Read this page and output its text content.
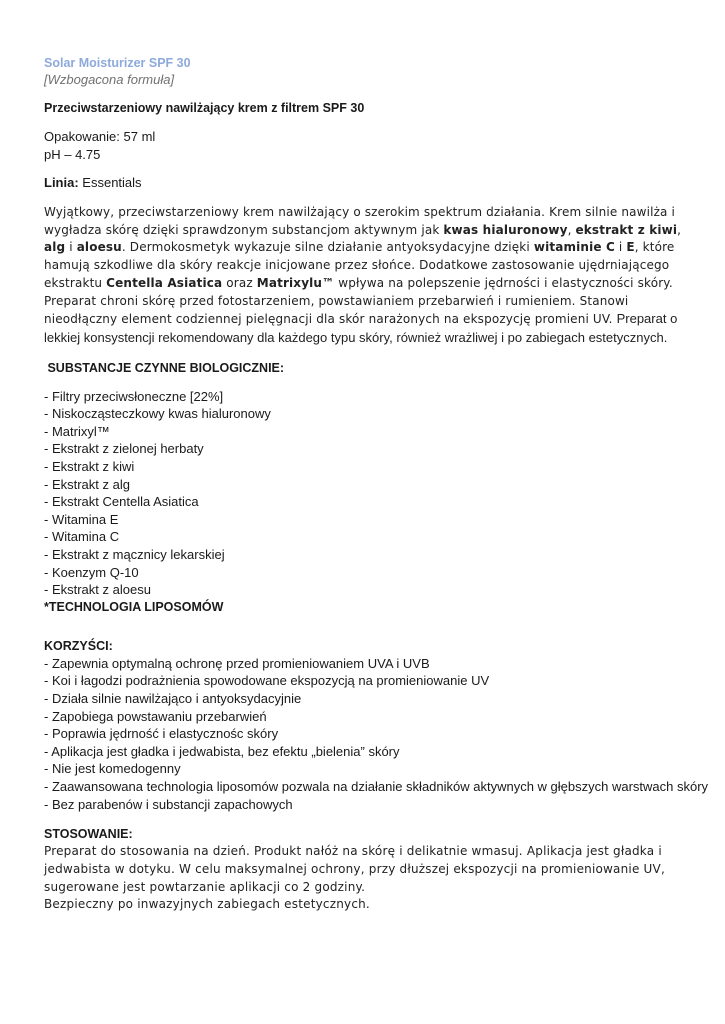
Solar Moisturizer SPF 30
[Wzbogacona formuła]
Przeciwstarzeniowy nawilżający krem z filtrem SPF 30
Opakowanie: 57 ml
pH – 4.75
Linia: Essentials
Wyjątkowy, przeciwstarzeniowy krem nawilżający o szerokim spektrum działania. Krem silnie nawilża i wygładza skórę dzięki sprawdzonym substancjom aktywnym jak kwas hialuronowy, ekstrakt z kiwi, alg i aloesu. Dermokosmetyk wykazuje silne działanie antyoksydacyjne dzięki witaminie C i E, które hamują szkodliwe dla skóry reakcje inicjowane przez słońce. Dodatkowe zastosowanie ujędrniającego ekstraktu Centella Asiatica oraz Matrixylu™ wpływa na polepszenie jędrności i elastyczności skóry. Preparat chroni skórę przed fotostarzeniem, powstawianiem przebarwień i rumieniem. Stanowi nieodłączny element codziennej pielęgnacji dla skór narażonych na ekspozycję promieni UV. Preparat o lekkiej konsystencji rekomendowany dla każdego typu skóry, również wrażliwej i po zabiegach estetycznych.
SUBSTANCJE CZYNNE BIOLOGICZNIE:
- Filtry przeciwsłoneczne [22%]
- Niskocząsteczkowy kwas hialuronowy
- Matrixyl™
- Ekstrakt z zielonej herbaty
- Ekstrakt z kiwi
- Ekstrakt z alg
- Ekstrakt Centella Asiatica
- Witamina E
- Witamina C
- Ekstrakt z mącznicy lekarskiej
- Koenzym Q-10
- Ekstrakt z aloesu
*TECHNOLOGIA LIPOSOMÓW
KORZYŚCI:
- Zapewnia optymalną ochronę przed promieniowaniem UVA i UVB
- Koi i łagodzi podrażnienia spowodowane ekspozycją na promieniowanie UV
- Działa silnie nawilżająco i antyoksydacyjnie
- Zapobiega powstawaniu przebarwień
- Poprawia jędrność i elastycznośc skóry
- Aplikacja jest gładka i jedwabista, bez efektu „bielenia” skóry
- Nie jest komedogenny
- Zaawansowana technologia liposomów pozwala na działanie składników aktywnych w głębszych warstwach skóry
- Bez parabenów i substancji zapachowych
STOSOWANIE:
Preparat do stosowania na dzień. Produkt nałóż na skórę i delikatnie wmasuj. Aplikacja jest gładka i jedwabista w dotyku. W celu maksymalnej ochrony, przy dłuższej ekspozycji na promieniowanie UV, sugerowane jest powtarzanie aplikacji co 2 godziny.
Bezpieczny po inwazyjnych zabiegach estetycznych.
